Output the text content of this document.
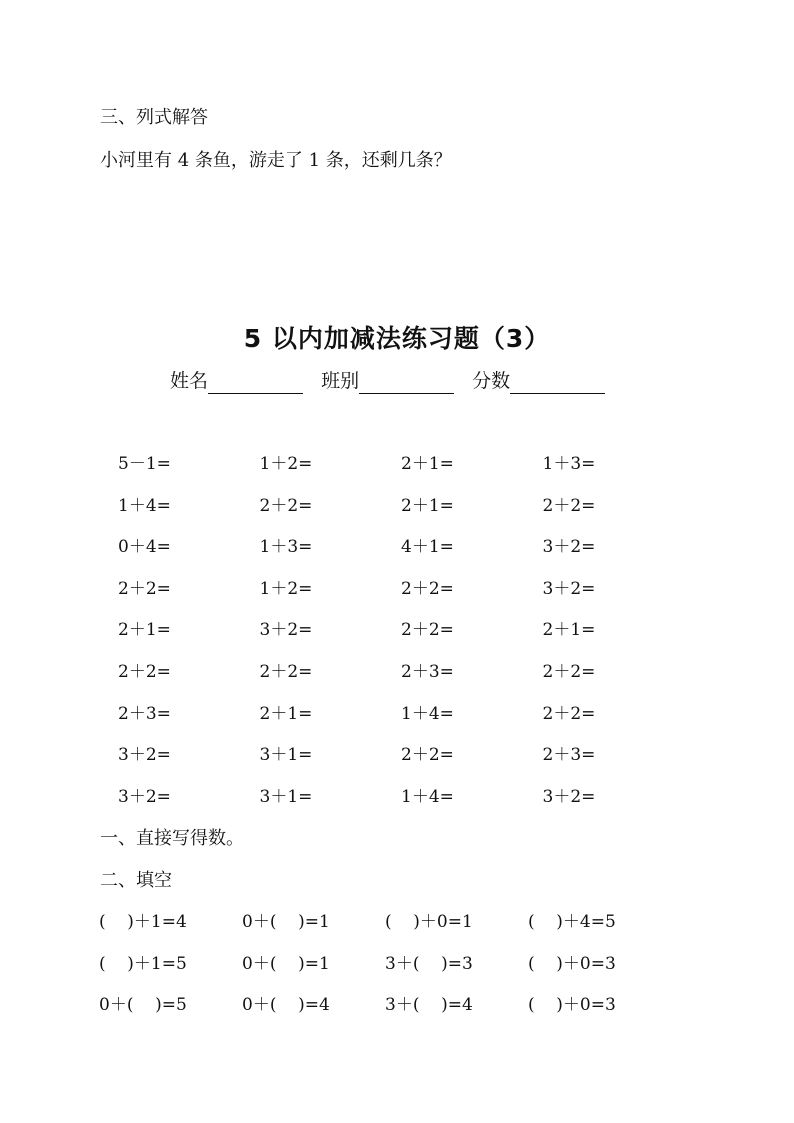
三、列式解答
小河里有 4 条鱼，游走了 1 条，还剩几条？
5 以内加减法练习题（3）
姓名	班别	分数
5－1=	1＋2=	2＋1=	1＋3=
1＋4=	2＋2=	2＋1=	2＋2=
0＋4=	1＋3=	4＋1=	3＋2=
2＋2=	1＋2=	2＋2=	3＋2=
2＋1=	3＋2=	2＋2=	2＋1=
2＋2=	2＋2=	2＋3=	2＋2=
2＋3=	2＋1=	1＋4=	2＋2=
3＋2=	3＋1=	2＋2=	2＋3=
3＋2=	3＋1=	1＋4=	3＋2=
一、直接写得数。
二、填空
(    )＋1=4	0＋(    )=1	(    )＋0=1	(    )＋4=5
(    )＋1=5	0＋(    )=1	3＋(    )=3	(    )＋0=3
0＋(    )=5	0＋(    )=4	3＋(    )=4	(    )＋0=3
